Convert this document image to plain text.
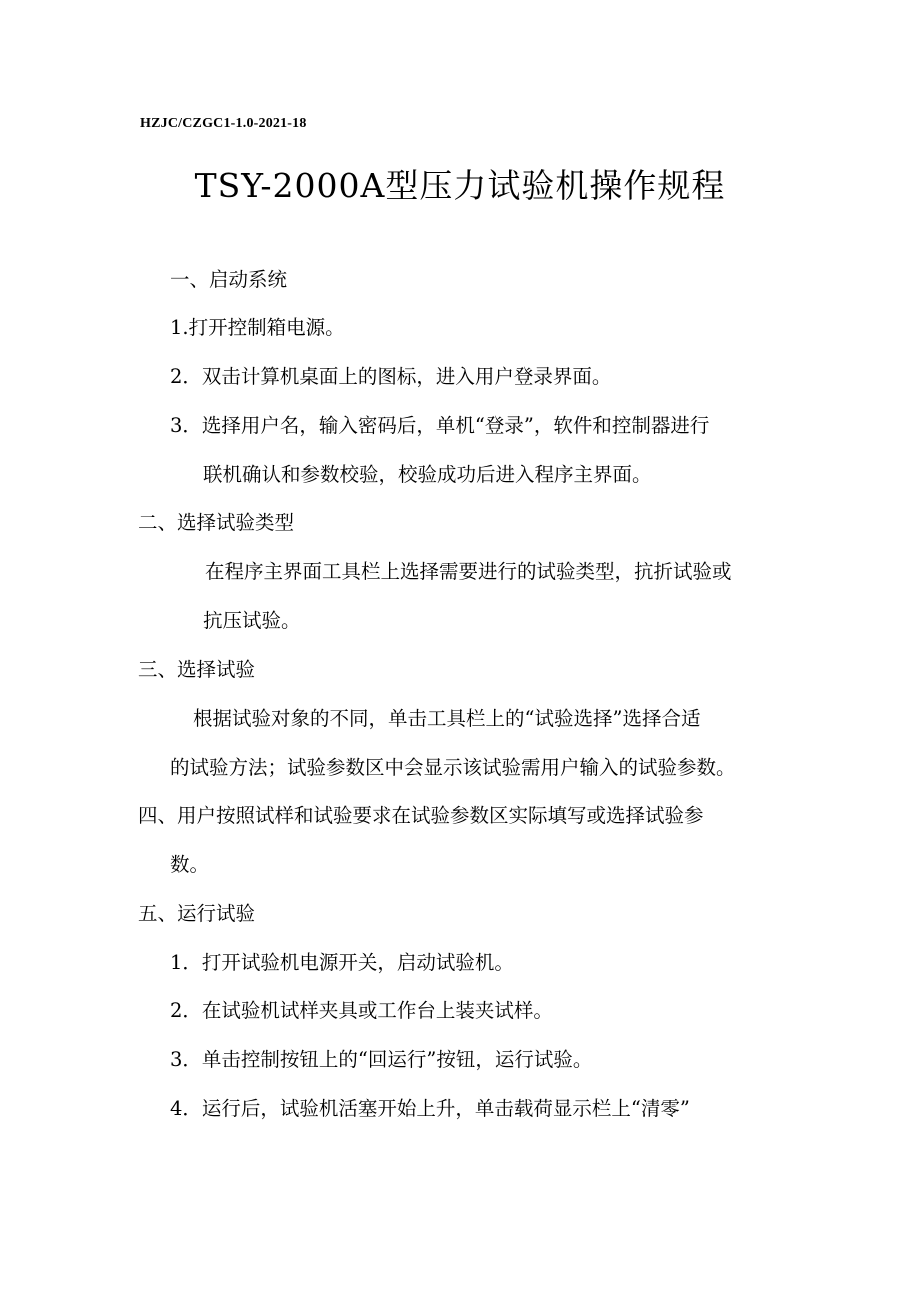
HZJC/CZGC1-1.0-2021-18
TSY-2000A型压力试验机操作规程
一、启动系统
1.打开控制箱电源。
2．双击计算机桌面上的图标，进入用户登录界面。
3．选择用户名，输入密码后，单机“登录”，软件和控制器进行
联机确认和参数校验，校验成功后进入程序主界面。
二、选择试验类型
在程序主界面工具栏上选择需要进行的试验类型，抗折试验或
抗压试验。
三、选择试验
根据试验对象的不同，单击工具栏上的“试验选择”选择合适
的试验方法；试验参数区中会显示该试验需用户输入的试验参数。
四、用户按照试样和试验要求在试验参数区实际填写或选择试验参
数。
五、运行试验
1．打开试验机电源开关，启动试验机。
2．在试验机试样夹具或工作台上装夹试样。
3．单击控制按钮上的“回运行”按钮，运行试验。
4．运行后，试验机活塞开始上升，单击载荷显示栏上“清零”
